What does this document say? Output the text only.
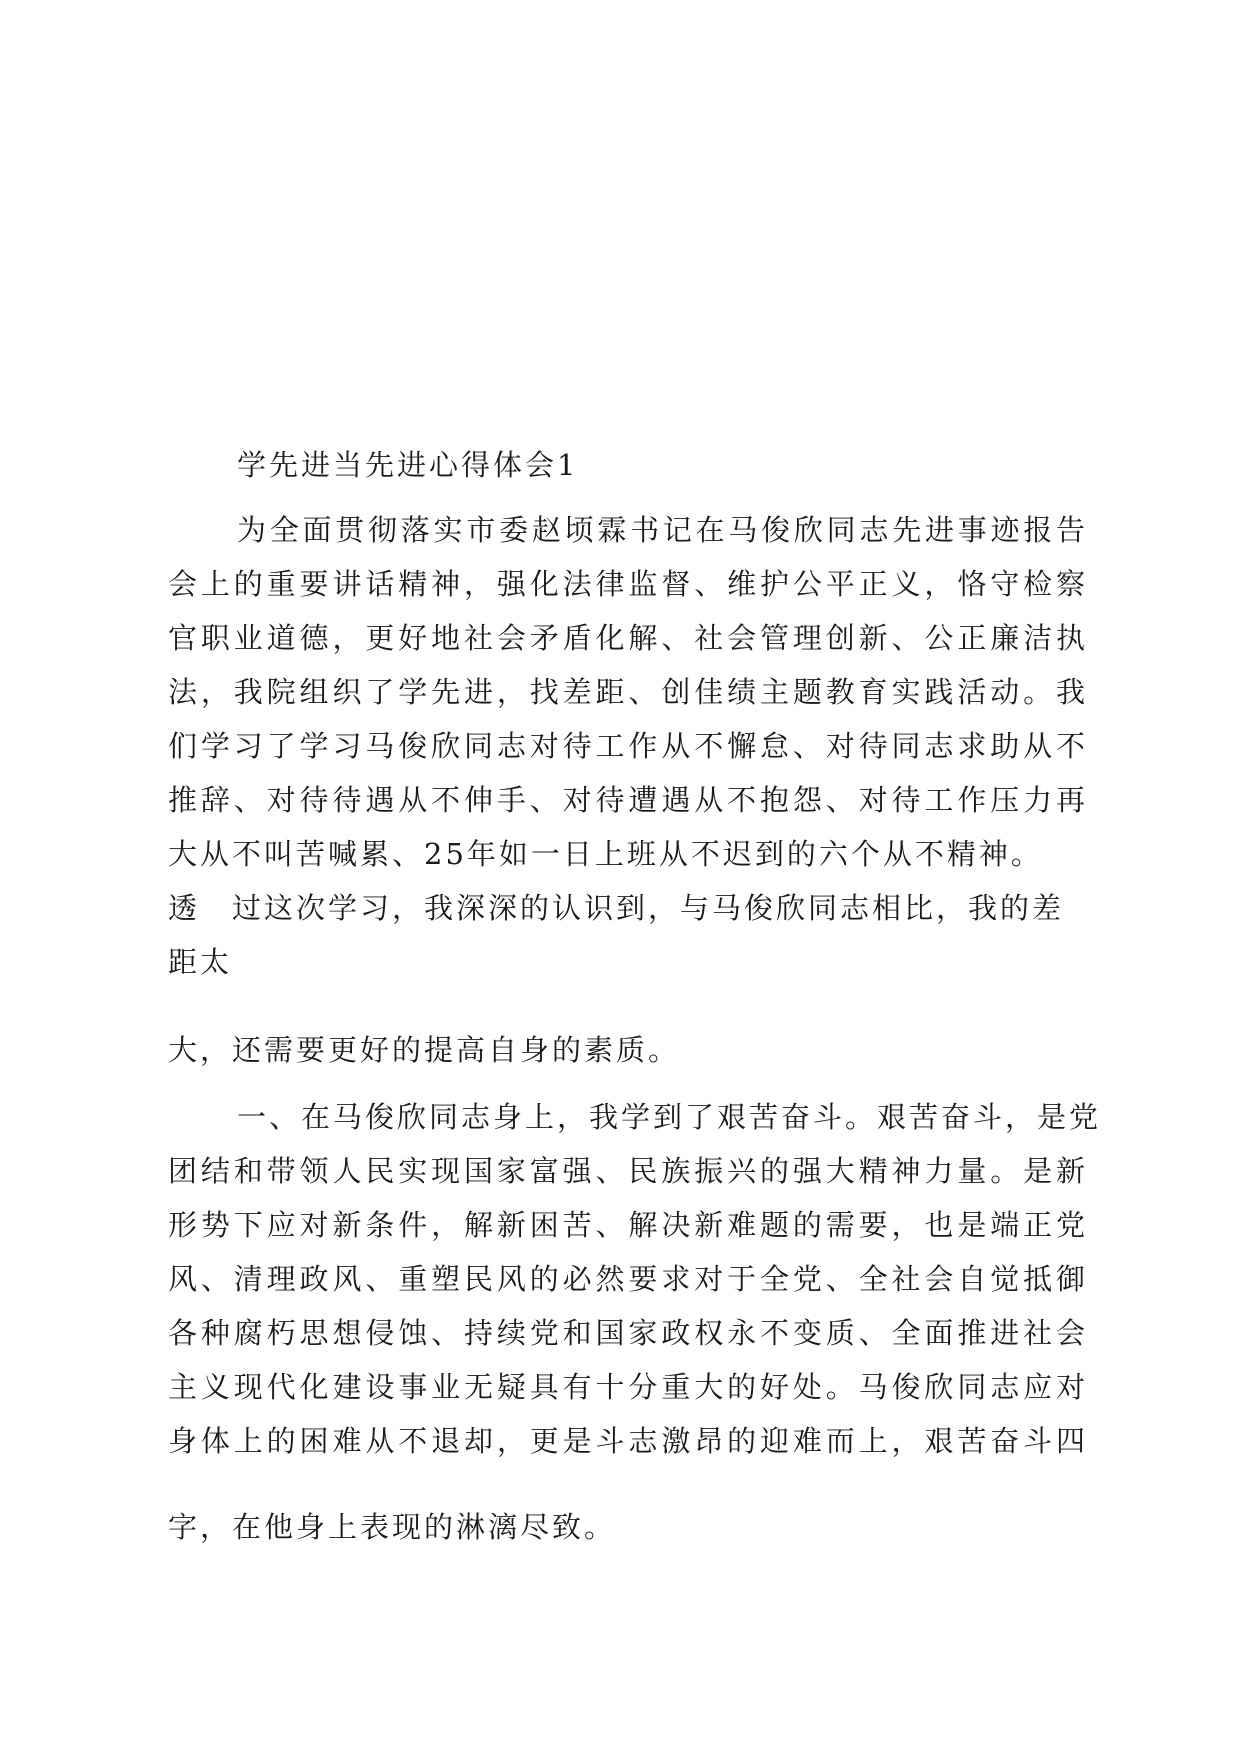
学先进当先进心得体会1
为全面贯彻落实市委赵顷霖书记在马俊欣同志先进事迹报告
会上的重要讲话精神，强化法律监督、维护公平正义，恪守检察
官职业道德，更好地社会矛盾化解、社会管理创新、公正廉洁执
法，我院组织了学先进，找差距、创佳绩主题教育实践活动。我
们学习了学习马俊欣同志对待工作从不懈怠、对待同志求助从不
推辞、对待待遇从不伸手、对待遭遇从不抱怨、对待工作压力再
大从不叫苦喊累、25年如一日上班从不迟到的六个从不精神。
透　过这次学习，我深深的认识到，与马俊欣同志相比，我的差
距太
大，还需要更好的提高自身的素质。
一、在马俊欣同志身上，我学到了艰苦奋斗。艰苦奋斗，是党
团结和带领人民实现国家富强、民族振兴的强大精神力量。是新
形势下应对新条件，解新困苦、解决新难题的需要，也是端正党
风、清理政风、重塑民风的必然要求对于全党、全社会自觉抵御
各种腐朽思想侵蚀、持续党和国家政权永不变质、全面推进社会
主义现代化建设事业无疑具有十分重大的好处。马俊欣同志应对
身体上的困难从不退却，更是斗志激昂的迎难而上，艰苦奋斗四
字，在他身上表现的淋漓尽致。
